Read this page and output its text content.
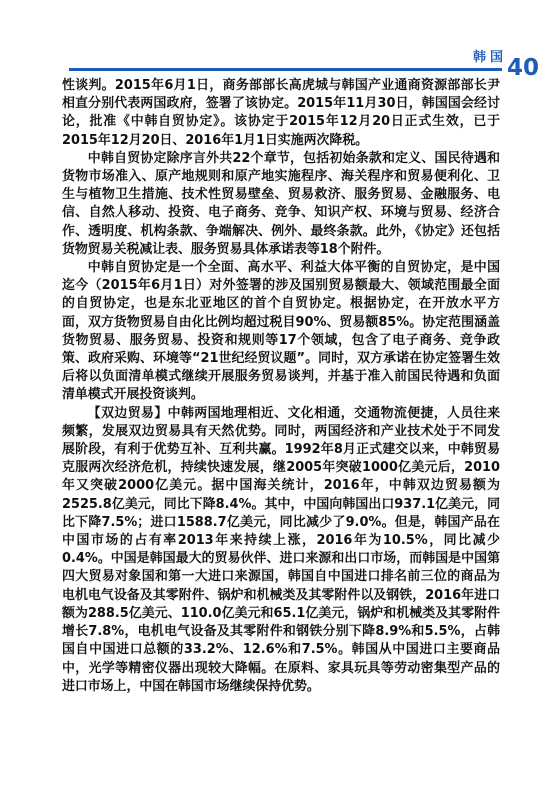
韩国 40

性谈判。2015年6月1日，商务部部长高虎城与韩国产业通商资源部部长尹相直分别代表两国政府，签署了该协定。2015年11月30日，韩国国会经讨论，批准《中韩自贸协定》。该协定于2015年12月20日正式生效，已于2015年12月20日、2016年1月1日实施两次降税。

中韩自贸协定除序言外共22个章节，包括初始条款和定义、国民待遇和货物市场准入、原产地规则和原产地实施程序、海关程序和贸易便利化、卫生与植物卫生措施、技术性贸易壁垒、贸易救济、服务贸易、金融服务、电信、自然人移动、投资、电子商务、竞争、知识产权、环境与贸易、经济合作、透明度、机构条款、争端解决、例外、最终条款。此外，《协定》还包括货物贸易关税减让表、服务贸易具体承诺表等18个附件。

中韩自贸协定是一个全面、高水平、利益大体平衡的自贸协定，是中国迄今（2015年6月1日）对外签署的涉及国别贸易额最大、领域范围最全面的自贸协定，也是东北亚地区的首个自贸协定。根据协定，在开放水平方面，双方货物贸易自由化比例均超过税目90%、贸易额85%。协定范围涵盖货物贸易、服务贸易、投资和规则等17个领域，包含了电子商务、竞争政策、政府采购、环境等“21世纪经贸议题”。同时，双方承诺在协定签署生效后将以负面清单模式继续开展服务贸易谈判，并基于准入前国民待遇和负面清单模式开展投资谈判。

【双边贸易】中韩两国地理相近、文化相通，交通物流便捷，人员往来频繁，发展双边贸易具有天然优势。同时，两国经济和产业技术处于不同发展阶段，有利于优势互补、互利共赢。1992年8月正式建交以来，中韩贸易克服两次经济危机，持续快速发展，继2005年突破1000亿美元后，2010年又突破2000亿美元。据中国海关统计，2016年，中韩双边贸易额为2525.8亿美元，同比下降8.4%。其中，中国向韩国出口937.1亿美元，同比下降7.5%；进口1588.7亿美元，同比减少了9.0%。但是，韩国产品在中国市场的占有率2013年来持续上涨，2016年为10.5%，同比减少0.4%。中国是韩国最大的贸易伙伴、进口来源和出口市场，而韩国是中国第四大贸易对象国和第一大进口来源国，韩国自中国进口排名前三位的商品为电机电气设备及其零附件、锅炉和机械类及其零附件以及钢铁，2016年进口额为288.5亿美元、110.0亿美元和65.1亿美元，锅炉和机械类及其零附件增长7.8%，电机电气设备及其零附件和钢铁分别下降8.9%和5.5%，占韩国自中国进口总额的33.2%、12.6%和7.5%。韩国从中国进口主要商品中，光学等精密仪器出现较大降幅。在原料、家具玩具等劳动密集型产品的进口市场上，中国在韩国市场继续保持优势。
